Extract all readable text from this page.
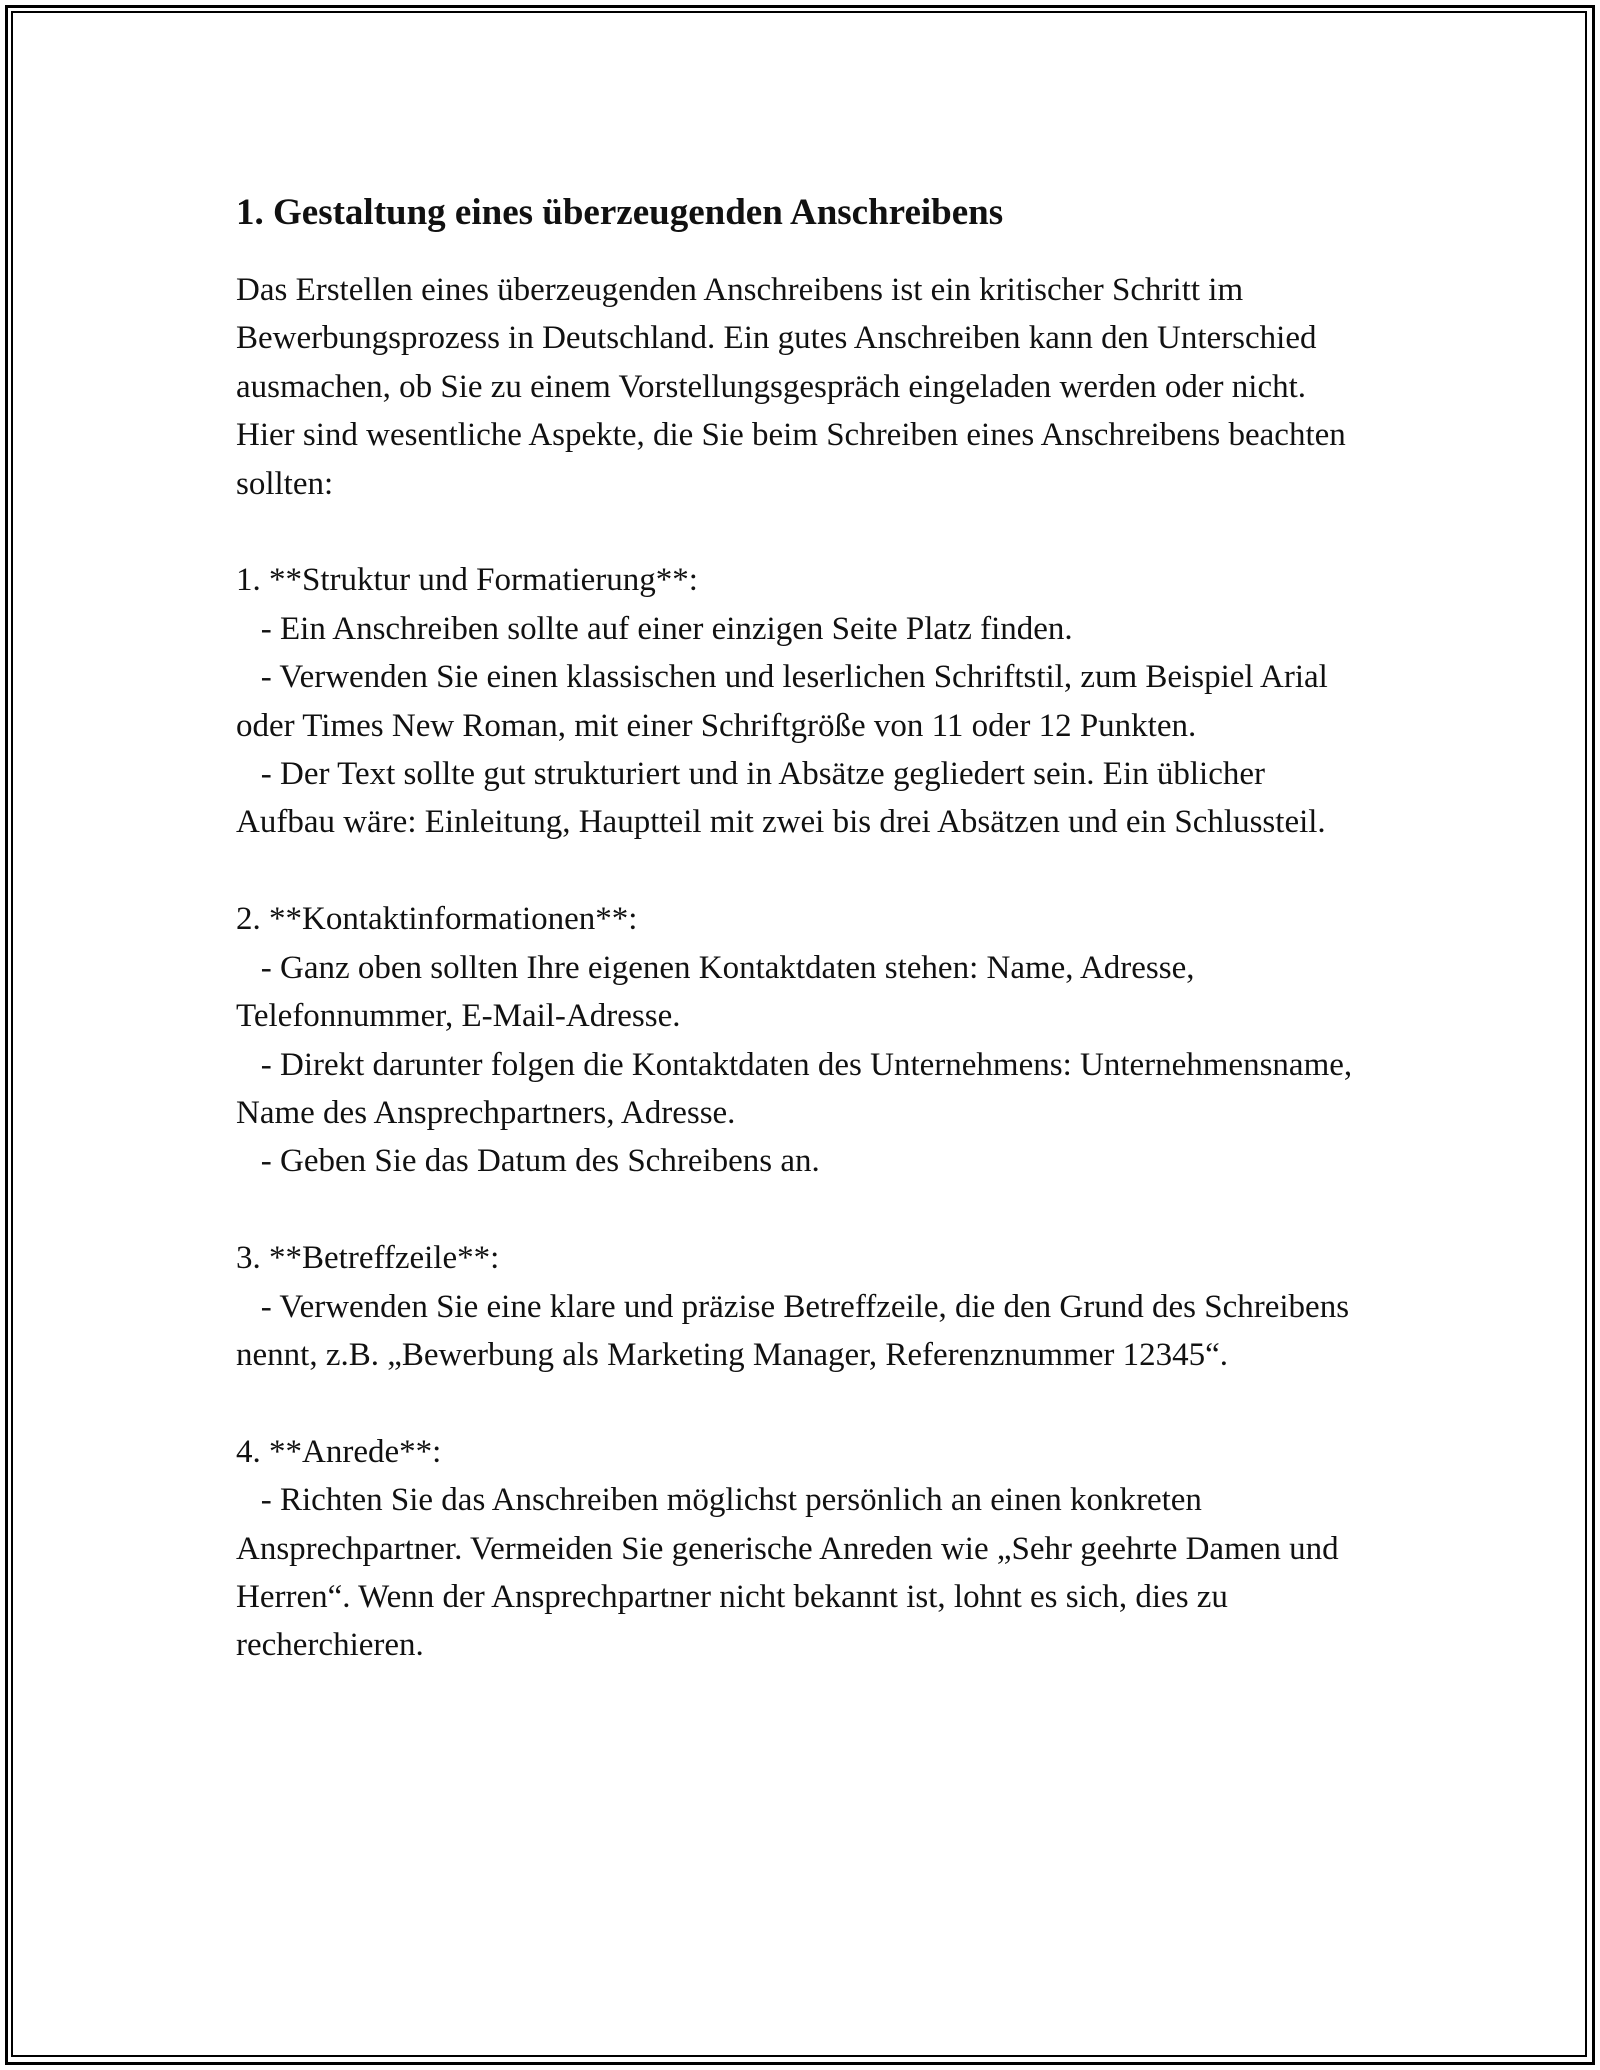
1. Gestaltung eines überzeugenden Anschreibens
Das Erstellen eines überzeugenden Anschreibens ist ein kritischer Schritt im Bewerbungsprozess in Deutschland. Ein gutes Anschreiben kann den Unterschied ausmachen, ob Sie zu einem Vorstellungsgespräch eingeladen werden oder nicht. Hier sind wesentliche Aspekte, die Sie beim Schreiben eines Anschreibens beachten sollten:

1. **Struktur und Formatierung**:
- Ein Anschreiben sollte auf einer einzigen Seite Platz finden.
- Verwenden Sie einen klassischen und leserlichen Schriftstil, zum Beispiel Arial oder Times New Roman, mit einer Schriftgröße von 11 oder 12 Punkten.
- Der Text sollte gut strukturiert und in Absätze gegliedert sein. Ein üblicher Aufbau wäre: Einleitung, Hauptteil mit zwei bis drei Absätzen und ein Schlussteil.

2. **Kontaktinformationen**:
- Ganz oben sollten Ihre eigenen Kontaktdaten stehen: Name, Adresse, Telefonnummer, E-Mail-Adresse.
- Direkt darunter folgen die Kontaktdaten des Unternehmens: Unternehmensname, Name des Ansprechpartners, Adresse.
- Geben Sie das Datum des Schreibens an.

3. **Betreffzeile**:
- Verwenden Sie eine klare und präzise Betreffzeile, die den Grund des Schreibens nennt, z.B. „Bewerbung als Marketing Manager, Referenznummer 12345“.

4. **Anrede**:
- Richten Sie das Anschreiben möglichst persönlich an einen konkreten Ansprechpartner. Vermeiden Sie generische Anreden wie „Sehr geehrte Damen und Herren“. Wenn der Ansprechpartner nicht bekannt ist, lohnt es sich, dies zu recherchieren.
